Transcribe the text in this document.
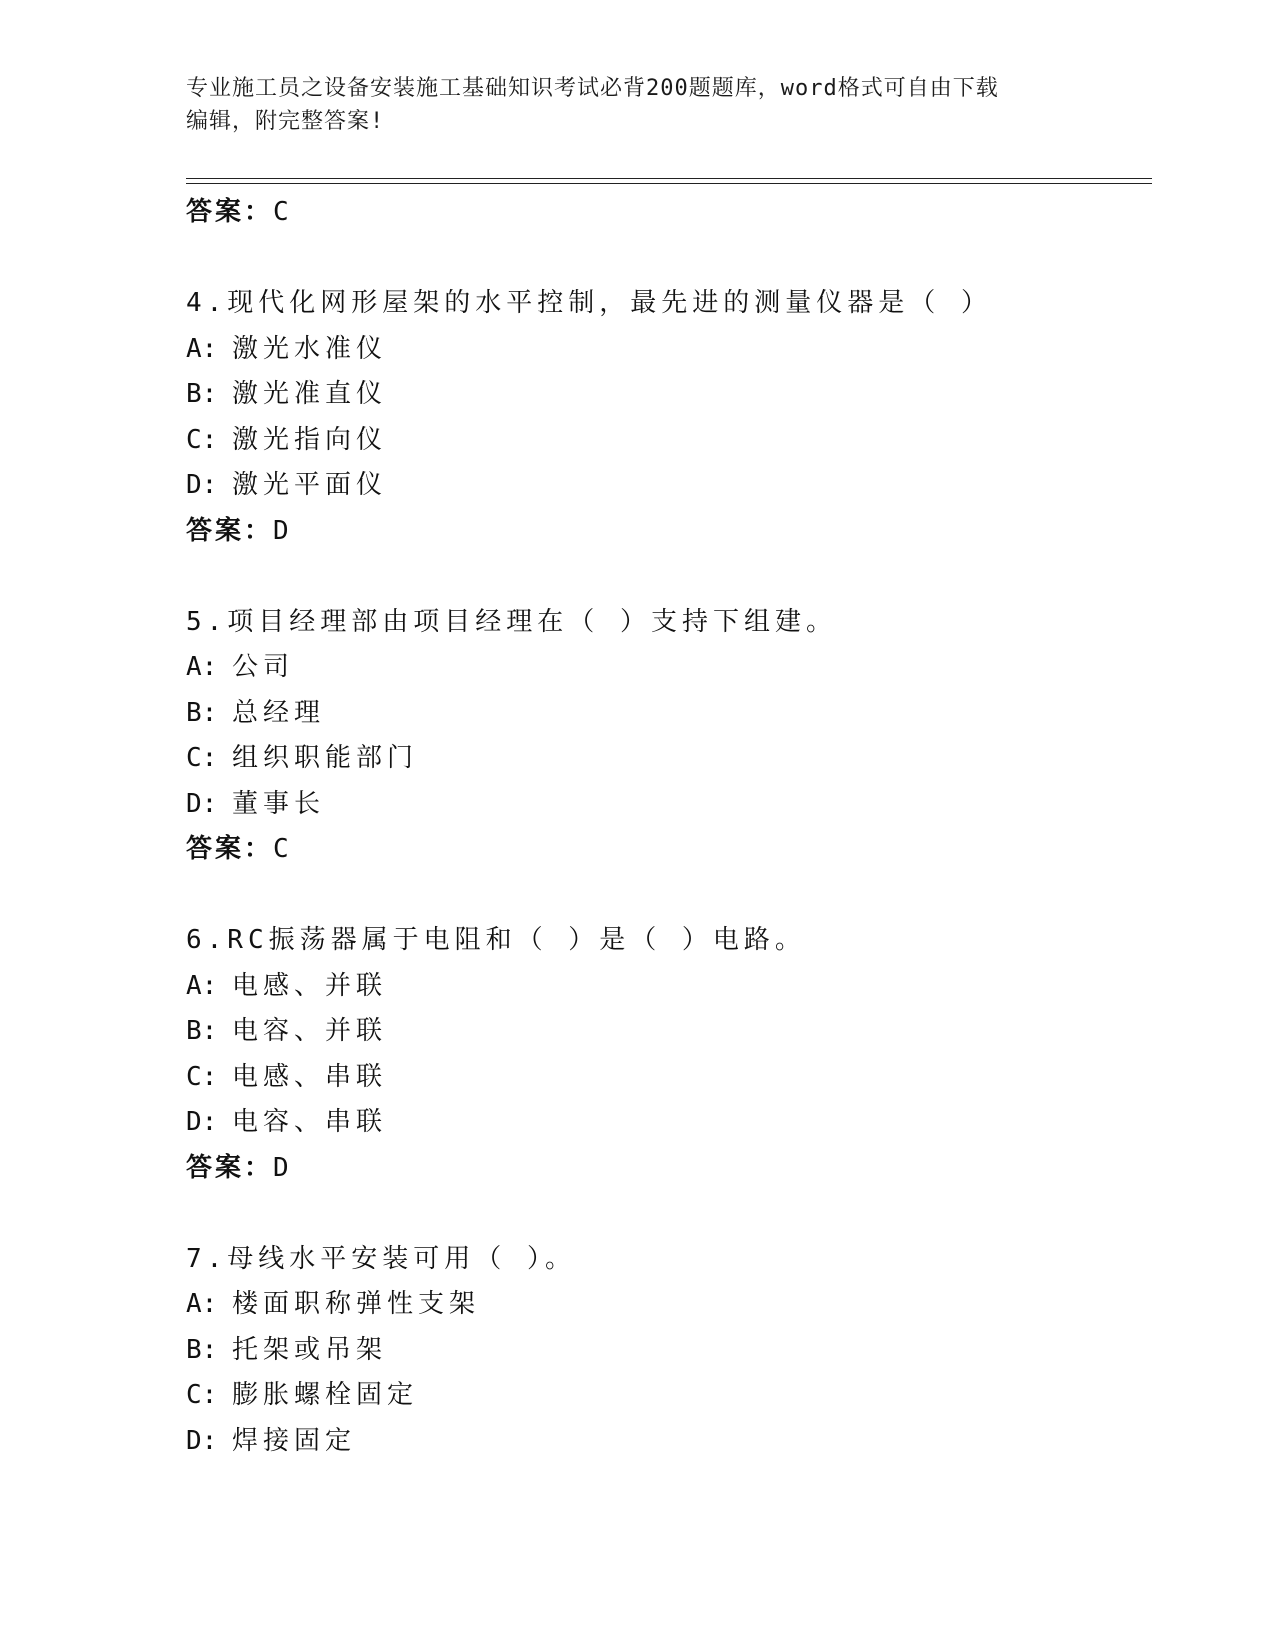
专业施工员之设备安装施工基础知识考试必背200题题库，word格式可自由下载
编辑，附完整答案!
答案：C
4.现代化网形屋架的水平控制，最先进的测量仪器是（ ）
A: 激光水准仪
B: 激光准直仪
C: 激光指向仪
D: 激光平面仪
答案：D
5.项目经理部由项目经理在（ ）支持下组建。
A: 公司
B: 总经理
C: 组织职能部门
D: 董事长
答案：C
6.RC振荡器属于电阻和（ ）是（ ）电路。
A: 电感、并联
B: 电容、并联
C: 电感、串联
D: 电容、串联
答案：D
7.母线水平安装可用（ ）。
A: 楼面职称弹性支架
B: 托架或吊架
C: 膨胀螺栓固定
D: 焊接固定
